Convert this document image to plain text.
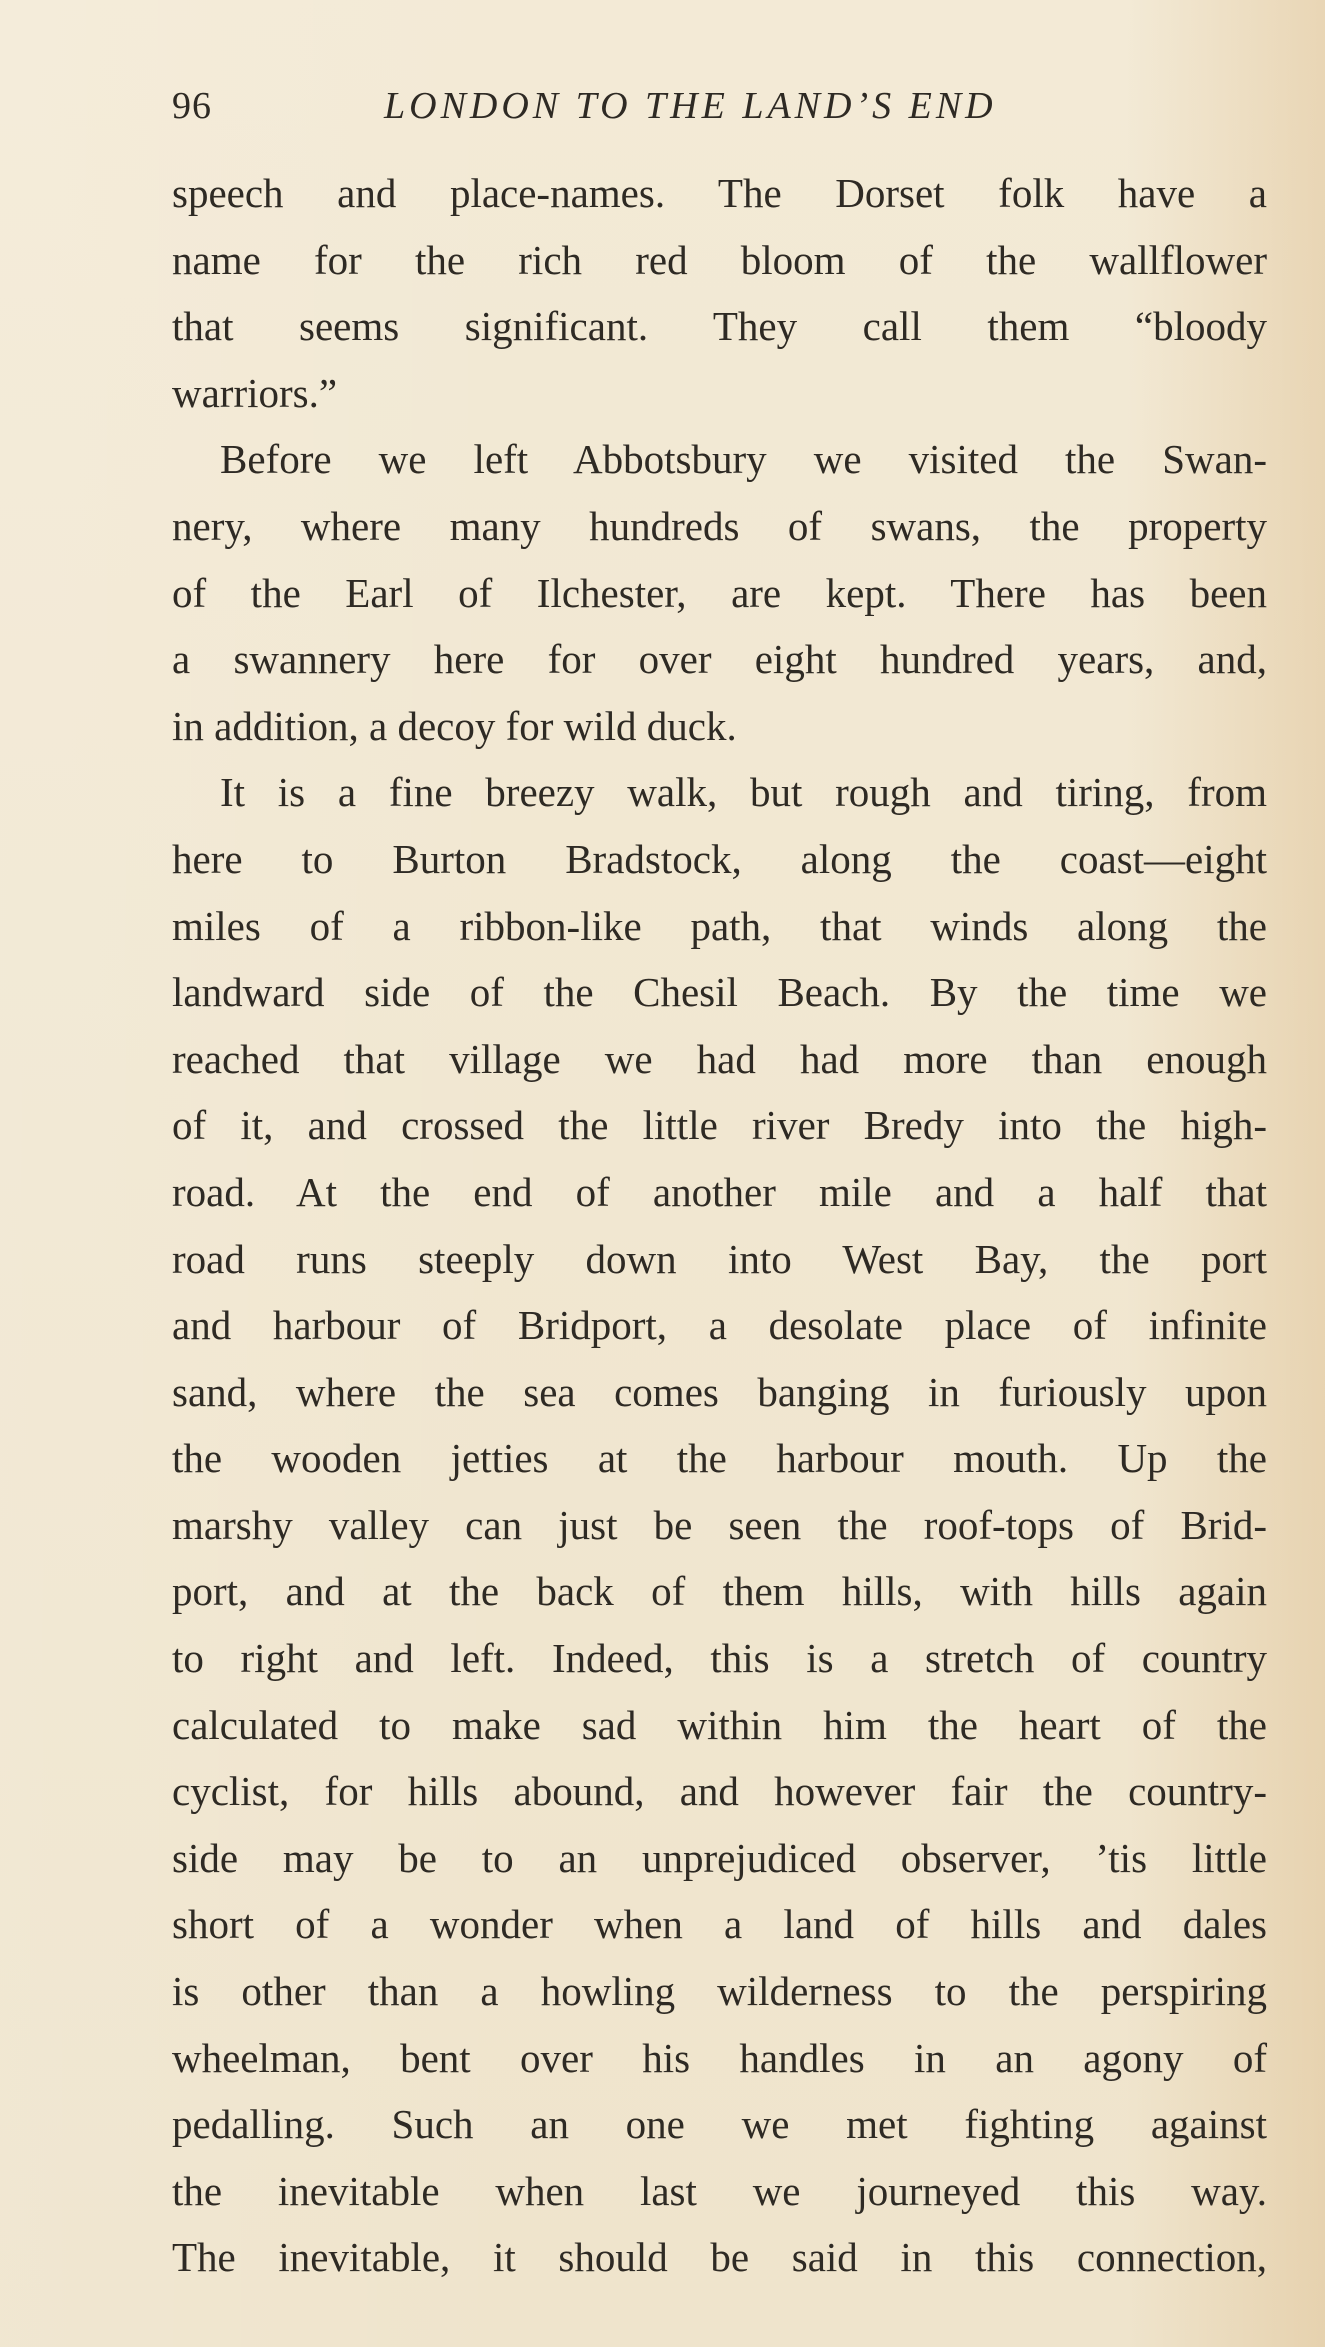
96	LONDON TO THE LAND’S END
speech and place-names. The Dorset folk have a
name for the rich red bloom of the wallflower
that seems significant. They call them “bloody
warriors.”
Before we left Abbotsbury we visited the Swan-
nery, where many hundreds of swans, the property
of the Earl of Ilchester, are kept. There has been
a swannery here for over eight hundred years, and,
in addition, a decoy for wild duck.
It is a fine breezy walk, but rough and tiring, from
here to Burton Bradstock, along the coast—eight
miles of a ribbon-like path, that winds along the
landward side of the Chesil Beach. By the time we
reached that village we had had more than enough
of it, and crossed the little river Bredy into the high-
road. At the end of another mile and a half that
road runs steeply down into West Bay, the port
and harbour of Bridport, a desolate place of infinite
sand, where the sea comes banging in furiously upon
the wooden jetties at the harbour mouth. Up the
marshy valley can just be seen the roof-tops of Brid-
port, and at the back of them hills, with hills again
to right and left. Indeed, this is a stretch of country
calculated to make sad within him the heart of the
cyclist, for hills abound, and however fair the country-
side may be to an unprejudiced observer, ’tis little
short of a wonder when a land of hills and dales
is other than a howling wilderness to the perspiring
wheelman, bent over his handles in an agony of
pedalling. Such an one we met fighting against
the inevitable when last we journeyed this way.
The inevitable, it should be said in this connection,
